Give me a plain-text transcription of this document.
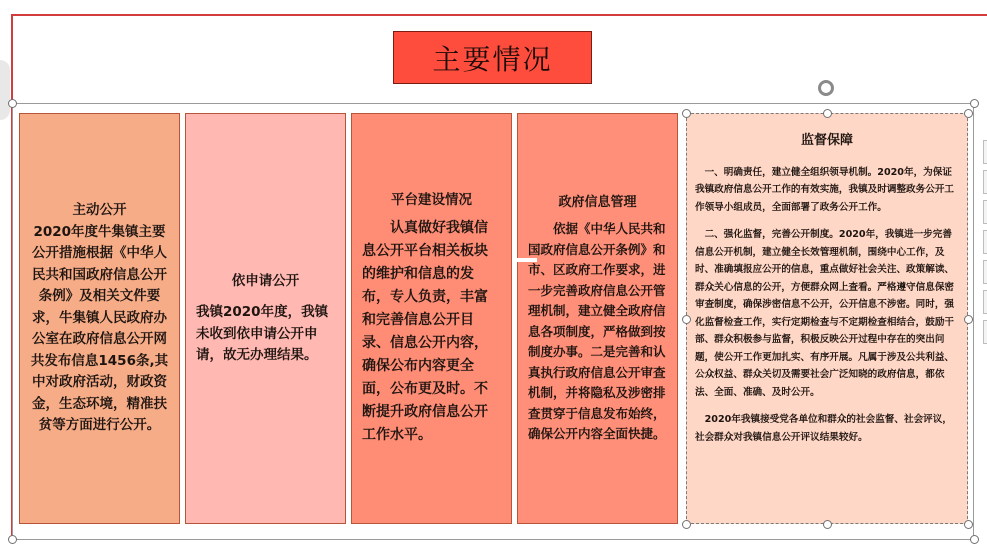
主要情况
主动公开
2020年度牛集镇主要公开措施根据《中华人民共和国政府信息公开条例》及相关文件要求，牛集镇人民政府办公室在政府信息公开网共发布信息1456条,其中对政府活动，财政资金，生态环境，精准扶贫等方面进行公开。
依申请公开
我镇2020年度，我镇未收到依申请公开申请，故无办理结果。
平台建设情况
认真做好我镇信息公开平台相关板块的维护和信息的发布，专人负责，丰富和完善信息公开目录、信息公开内容，确保公布内容更全面，公布更及时。不断提升政府信息公开工作水平。
政府信息管理
依据《中华人民共和国政府信息公开条例》和市、区政府工作要求，进一步完善政府信息公开管理机制，建立健全政府信息各项制度，严格做到按制度办事。二是完善和认真执行政府信息公开审查机制，并将隐私及涉密排查贯穿于信息发布始终，确保公开内容全面快捷。
监督保障

一、明确责任，建立健全组织领导机制。2020年，为保证我镇政府信息公开工作的有效实施，我镇及时调整政务公开工作领导小组成员，全面部署了政务公开工作。

二、强化监督，完善公开制度。2020年，我镇进一步完善信息公开机制，建立健全长效管理机制，围绕中心工作，及时、准确填报应公开的信息，重点做好社会关注、政策解读、群众关心信息的公开，方便群众网上查看。严格遵守信息保密审查制度，确保涉密信息不公开，公开信息不涉密。同时，强化监督检查工作，实行定期检查与不定期检查相结合，鼓励干部、群众积极参与监督，积极反映公开过程中存在的突出问题，使公开工作更加扎实、有序开展。凡属于涉及公共利益、公众权益、群众关切及需要社会广泛知晓的政府信息，都依法、全面、准确、及时公开。

2020年我镇接受党各单位和群众的社会监督、社会评议，社会群众对我镇信息公开评议结果较好。
